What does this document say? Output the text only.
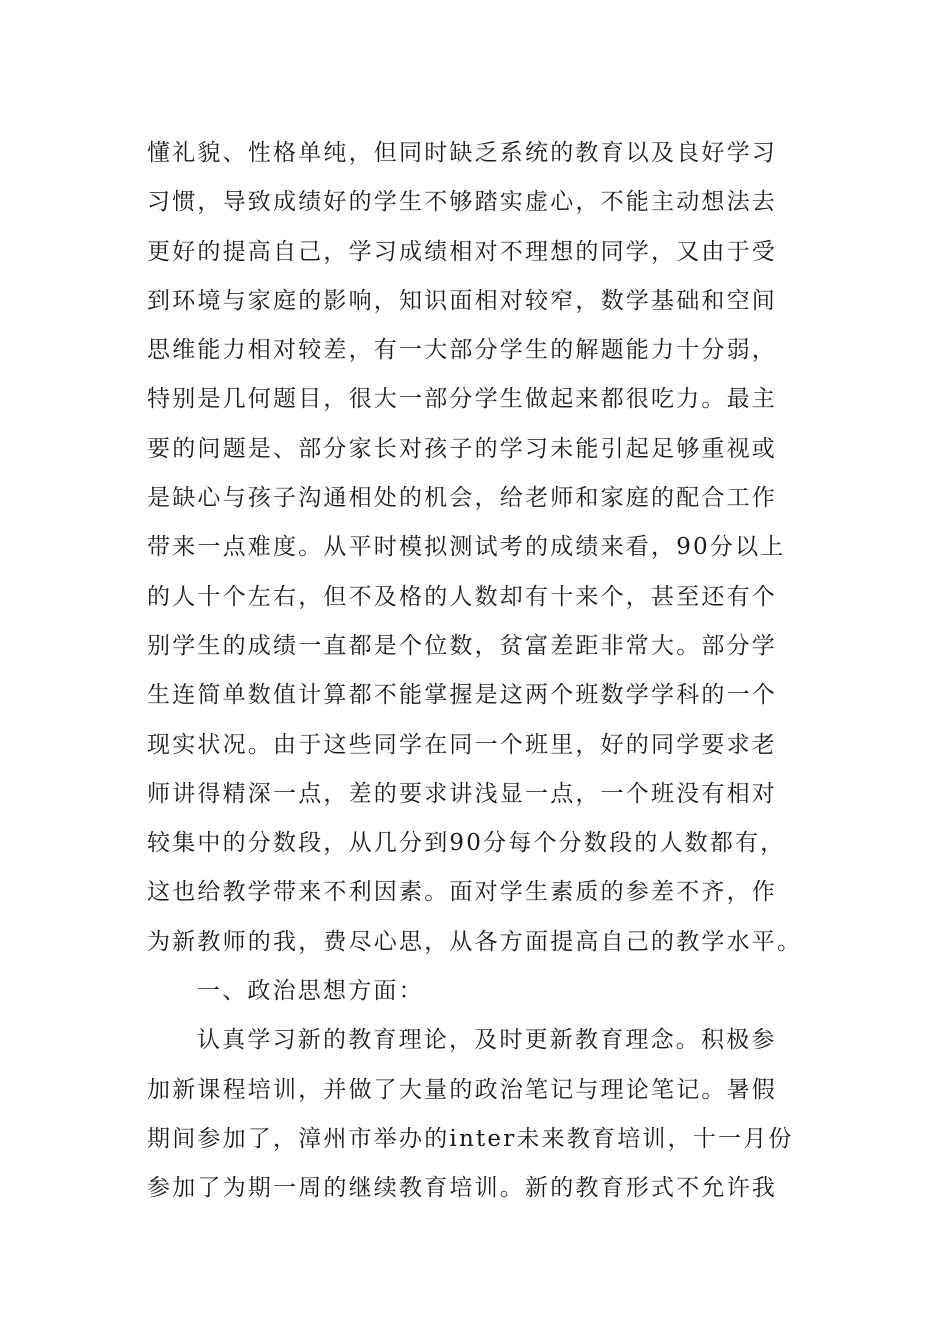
懂礼貌、性格单纯，但同时缺乏系统的教育以及良好学习
习惯，导致成绩好的学生不够踏实虚心，不能主动想法去
更好的提高自己，学习成绩相对不理想的同学，又由于受
到环境与家庭的影响，知识面相对较窄，数学基础和空间
思维能力相对较差，有一大部分学生的解题能力十分弱，
特别是几何题目，很大一部分学生做起来都很吃力。最主
要的问题是、部分家长对孩子的学习未能引起足够重视或
是缺心与孩子沟通相处的机会，给老师和家庭的配合工作
带来一点难度。从平时模拟测试考的成绩来看，90分以上
的人十个左右，但不及格的人数却有十来个，甚至还有个
别学生的成绩一直都是个位数，贫富差距非常大。部分学
生连简单数值计算都不能掌握是这两个班数学学科的一个
现实状况。由于这些同学在同一个班里，好的同学要求老
师讲得精深一点，差的要求讲浅显一点，一个班没有相对
较集中的分数段，从几分到90分每个分数段的人数都有，
这也给教学带来不利因素。面对学生素质的参差不齐，作
为新教师的我，费尽心思，从各方面提高自己的教学水平。
一、政治思想方面：
认真学习新的教育理论，及时更新教育理念。积极参
加新课程培训，并做了大量的政治笔记与理论笔记。暑假
期间参加了，漳州市举办的inter未来教育培训，十一月份
参加了为期一周的继续教育培训。新的教育形式不允许我
